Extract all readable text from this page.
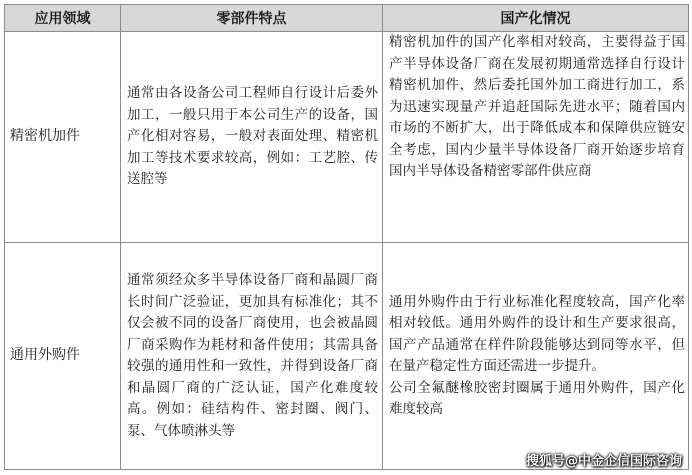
应用领域	零部件特点	国产化情况
精密机加件	通常由各设备公司工程师自行设计后委外加工，一般只用于本公司生产的设备，国产化相对容易，一般对表面处理、精密机加工等技术要求较高，例如：工艺腔、传送腔等	精密机加件的国产化率相对较高，主要得益于国产半导体设备厂商在发展初期通常选择自行设计精密机加件，然后委托国外加工商进行加工，系为迅速实现量产并追赶国际先进水平；随着国内市场的不断扩大，出于降低成本和保障供应链安全考虑，国内少量半导体设备厂商开始逐步培育国内半导体设备精密零部件供应商

通用外购件	通常须经众多半导体设备厂商和晶圆厂商长时间广泛验证，更加具有标准化；其不仅会被不同的设备厂商使用，也会被晶圆厂商采购作为耗材和备件使用；其需具备较强的通用性和一致性，并得到设备厂商和晶圆厂商的广泛认证，国产化难度较高。例如：硅结构件、密封圈、阀门、泵、气体喷淋头等	通用外购件由于行业标准化程度较高，国产化率相对较低。通用外购件的设计和生产要求很高，国产产品通常在样件阶段能够达到同等水平，但在量产稳定性方面还需进一步提升。
公司全氟醚橡胶密封圈属于通用外购件，国产化难度较高
搜狐号@中金企信国际咨询
